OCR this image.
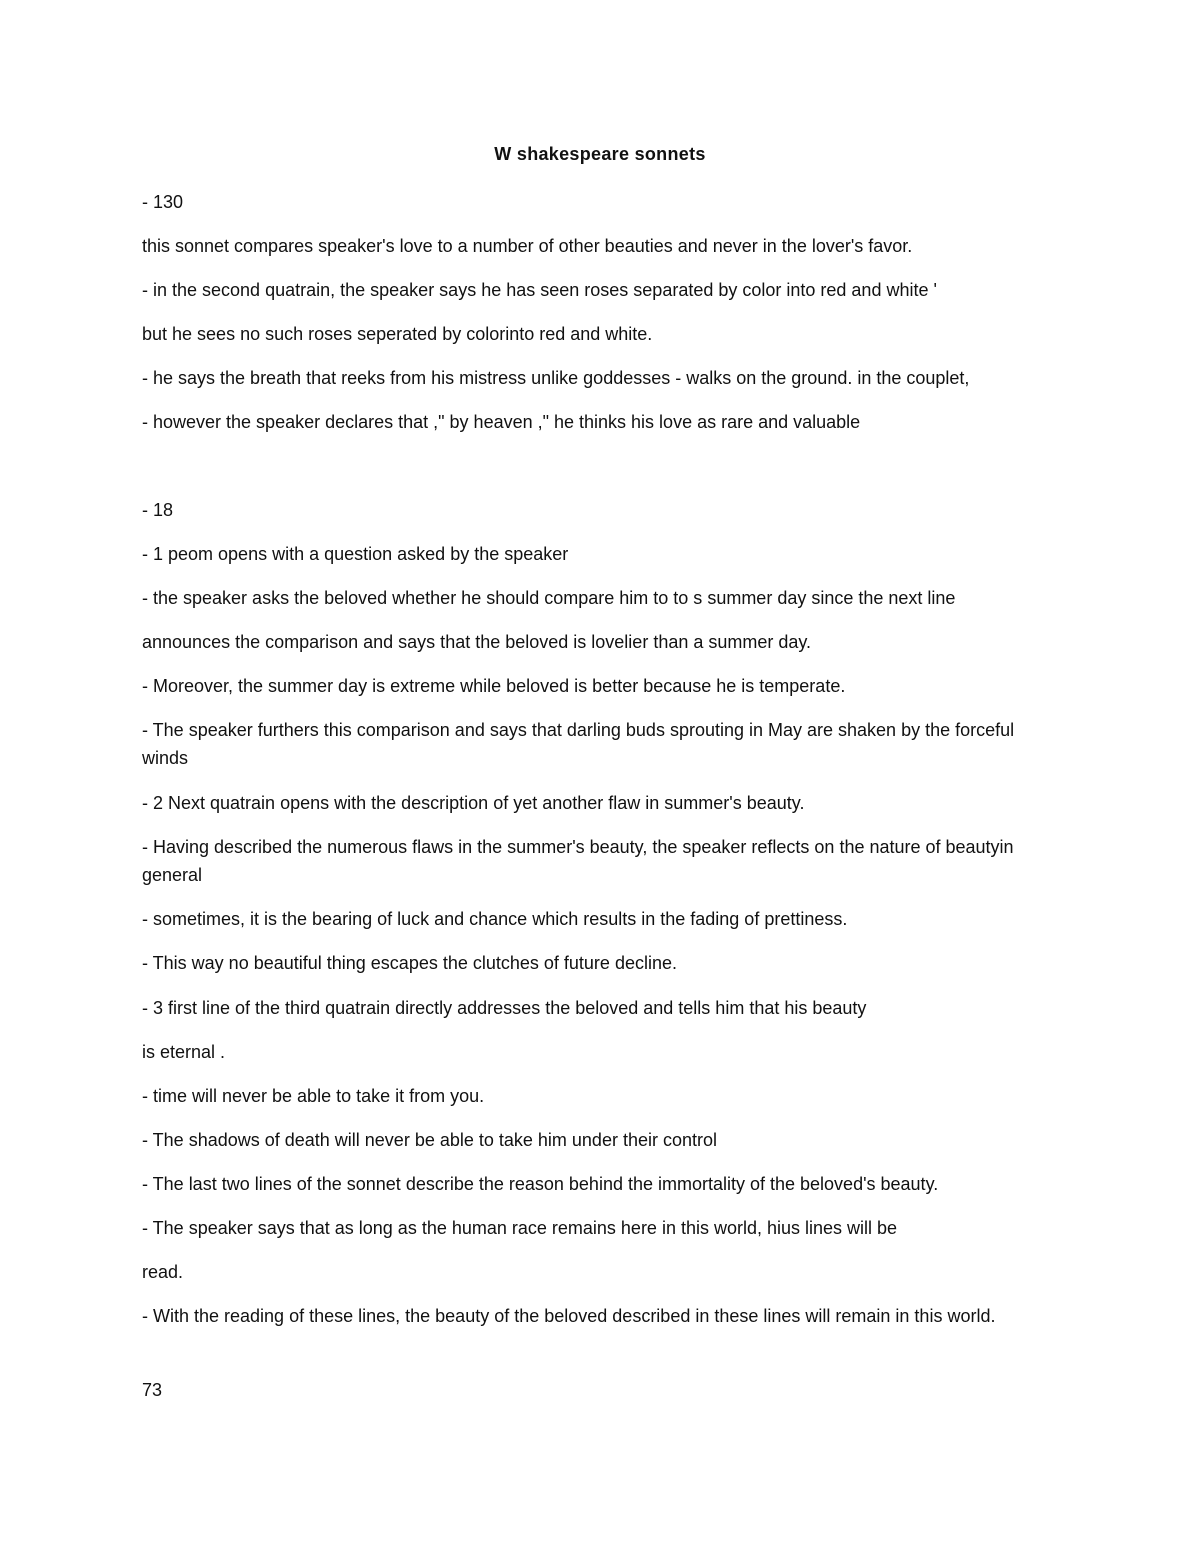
W shakespeare sonnets
- 130
this sonnet compares speaker's love to a number of other beauties and never in the lover's favor.
- in the second quatrain, the speaker says he has seen roses separated by color into red and white '
but he sees no such roses seperated by colorinto red and white.
- he says the breath that reeks from his mistress unlike goddesses - walks on the ground. in the couplet,
- however the speaker declares that ," by heaven ," he thinks his love as rare and valuable
- 18
- 1 peom opens with a question asked by the speaker
- the speaker asks the beloved whether he should compare him to to s summer day since the next line
announces the comparison and says that the beloved is lovelier than a summer day.
- Moreover, the summer day is extreme while beloved is better because he is temperate.
- The speaker furthers this comparison and says that darling buds sprouting in May are shaken by the forceful winds
- 2 Next quatrain opens with the description of yet another flaw in summer's beauty.
- Having described the numerous flaws in the summer's beauty, the speaker reflects on the nature of beautyin general
- sometimes, it is the bearing of luck and chance which results in the fading of prettiness.
- This way no beautiful thing escapes the clutches of future decline.
- 3 first line of the third quatrain directly addresses the beloved and tells him that his beauty
is eternal .
- time will never be able to take it from you.
- The shadows of death will never be able to take him under their control
- The last two lines of the sonnet describe the reason behind the immortality of the beloved's beauty.
- The speaker says that as long as the human race remains here in this world, hius lines will be
read.
- With the reading of these lines, the beauty of the beloved described in these lines will remain in this world.
73
